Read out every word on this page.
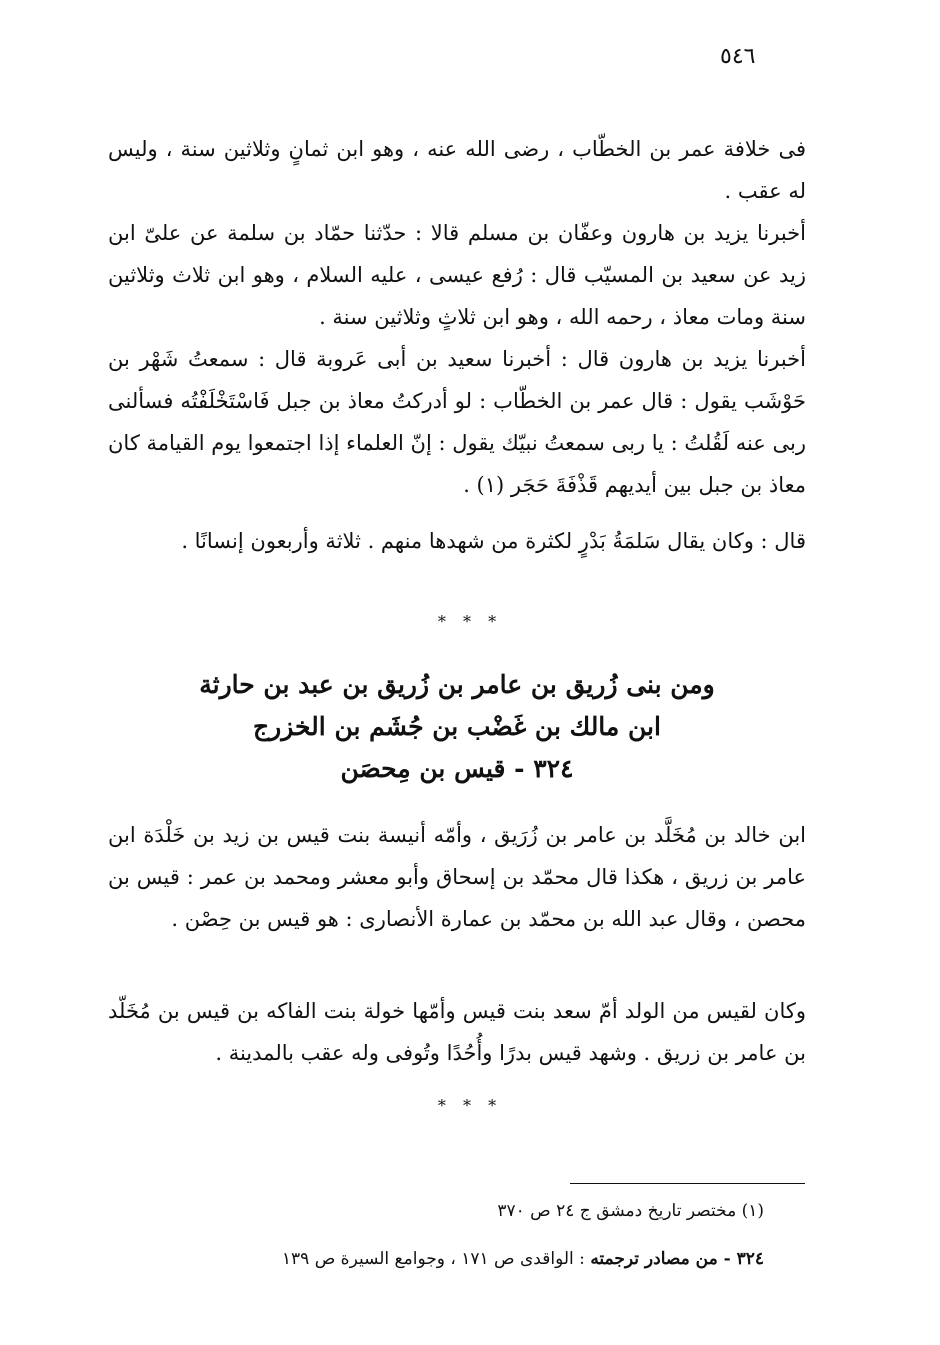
٥٤٦

فى خلافة عمر بن الخطّاب ، رضى الله عنه ، وهو ابن ثمانٍ وثلاثين سنة ، وليس له عقب .

أخبرنا يزيد بن هارون وعفّان بن مسلم قالا : حدّثنا حمّاد بن سلمة عن علىّ ابن زيد عن سعيد بن المسيّب قال : رُفع عيسى ، عليه السلام ، وهو ابن ثلاث وثلاثين سنة ومات معاذ ، رحمه الله ، وهو ابن ثلاثٍ وثلاثين سنة .

أخبرنا يزيد بن هارون قال : أخبرنا سعيد بن أبى عَروبة قال : سمعتُ شَهْر بن حَوْشَب يقول : قال عمر بن الخطّاب : لو أدركتُ معاذ بن جبل فَاسْتَخْلَفْتُه فسألنى ربى عنه لَقُلتُ : يا ربى سمعتُ نبيّك يقول : إنّ العلماء إذا اجتمعوا يوم القيامة كان معاذ بن جبل بين أيديهم قَذْفَةَ حَجَر (١) .

قال : وكان يقال سَلمَةُ بَدْرٍ لكثرة من شهدها منهم . ثلاثة وأربعون إنسانًا .

* * *

ومن بنى زُريق بن عامر بن زُريق بن عبد بن حارثة

ابن مالك بن غَضْب بن جُشَم بن الخزرج

٣٢٤ - قيس بن مِحصَن

ابن خالد بن مُخَلَّد بن عامر بن زُرَيق ، وأمّه أنيسة بنت قيس بن زيد بن خَلْدَة ابن عامر بن زريق ، هكذا قال محمّد بن إسحاق وأبو معشر ومحمد بن عمر : قيس بن محصن ، وقال عبد الله بن محمّد بن عمارة الأنصارى : هو قيس بن حِصْن .

وكان لقيس من الولد أمّ سعد بنت قيس وأمّها خولة بنت الفاكه بن قيس بن مُخَلّد بن عامر بن زريق . وشهد قيس بدرًا وأُحُدًا وتُوفى وله عقب بالمدينة .

* * *

(١) مختصر تاريخ دمشق ج ٢٤ ص ٣٧٠

٣٢٤ - من مصادر ترجمته : الواقدى ص ١٧١ ، وجوامع السيرة ص ١٣٩
